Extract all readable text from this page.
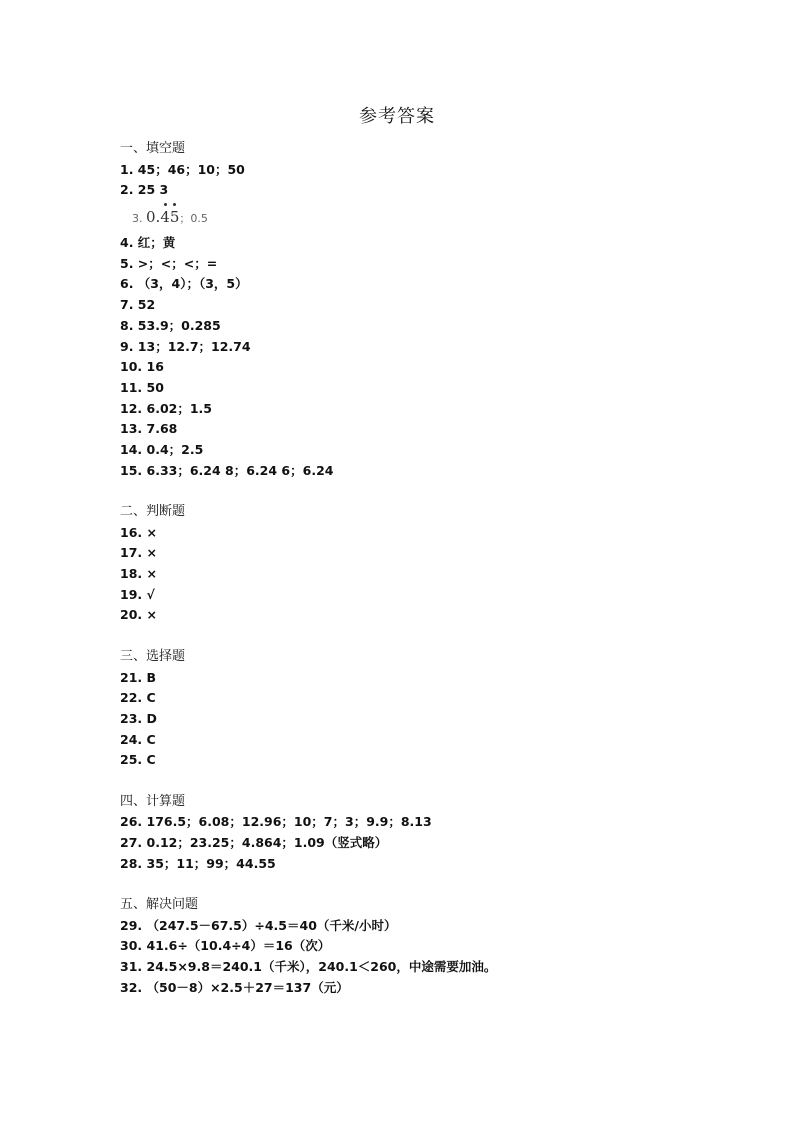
参考答案
一、填空题
1. 45；46；10；50
2. 25 3
3. 0.45；0.5
4. 红；黄
5. >；<；<；=
6. （3，4）；（3，5）
7. 52
8. 53.9；0.285
9. 13；12.7；12.74
10. 16
11. 50
12. 6.02；1.5
13. 7.68
14. 0.4；2.5
15. 6.33；6.24 8；6.24 6；6.24
二、判断题
16. ×
17. ×
18. ×
19. √
20. ×
三、选择题
21. B
22. C
23. D
24. C
25. C
四、计算题
26. 176.5；6.08；12.96；10；7；3；9.9；8.13
27. 0.12；23.25；4.864；1.09（竖式略）
28. 35；11；99；44.55
五、解决问题
29. （247.5－67.5）÷4.5＝40（千米/小时）
30. 41.6÷（10.4÷4）＝16（次）
31. 24.5×9.8＝240.1（千米），240.1＜260，中途需要加油。
32. （50－8）×2.5＋27＝137（元）
